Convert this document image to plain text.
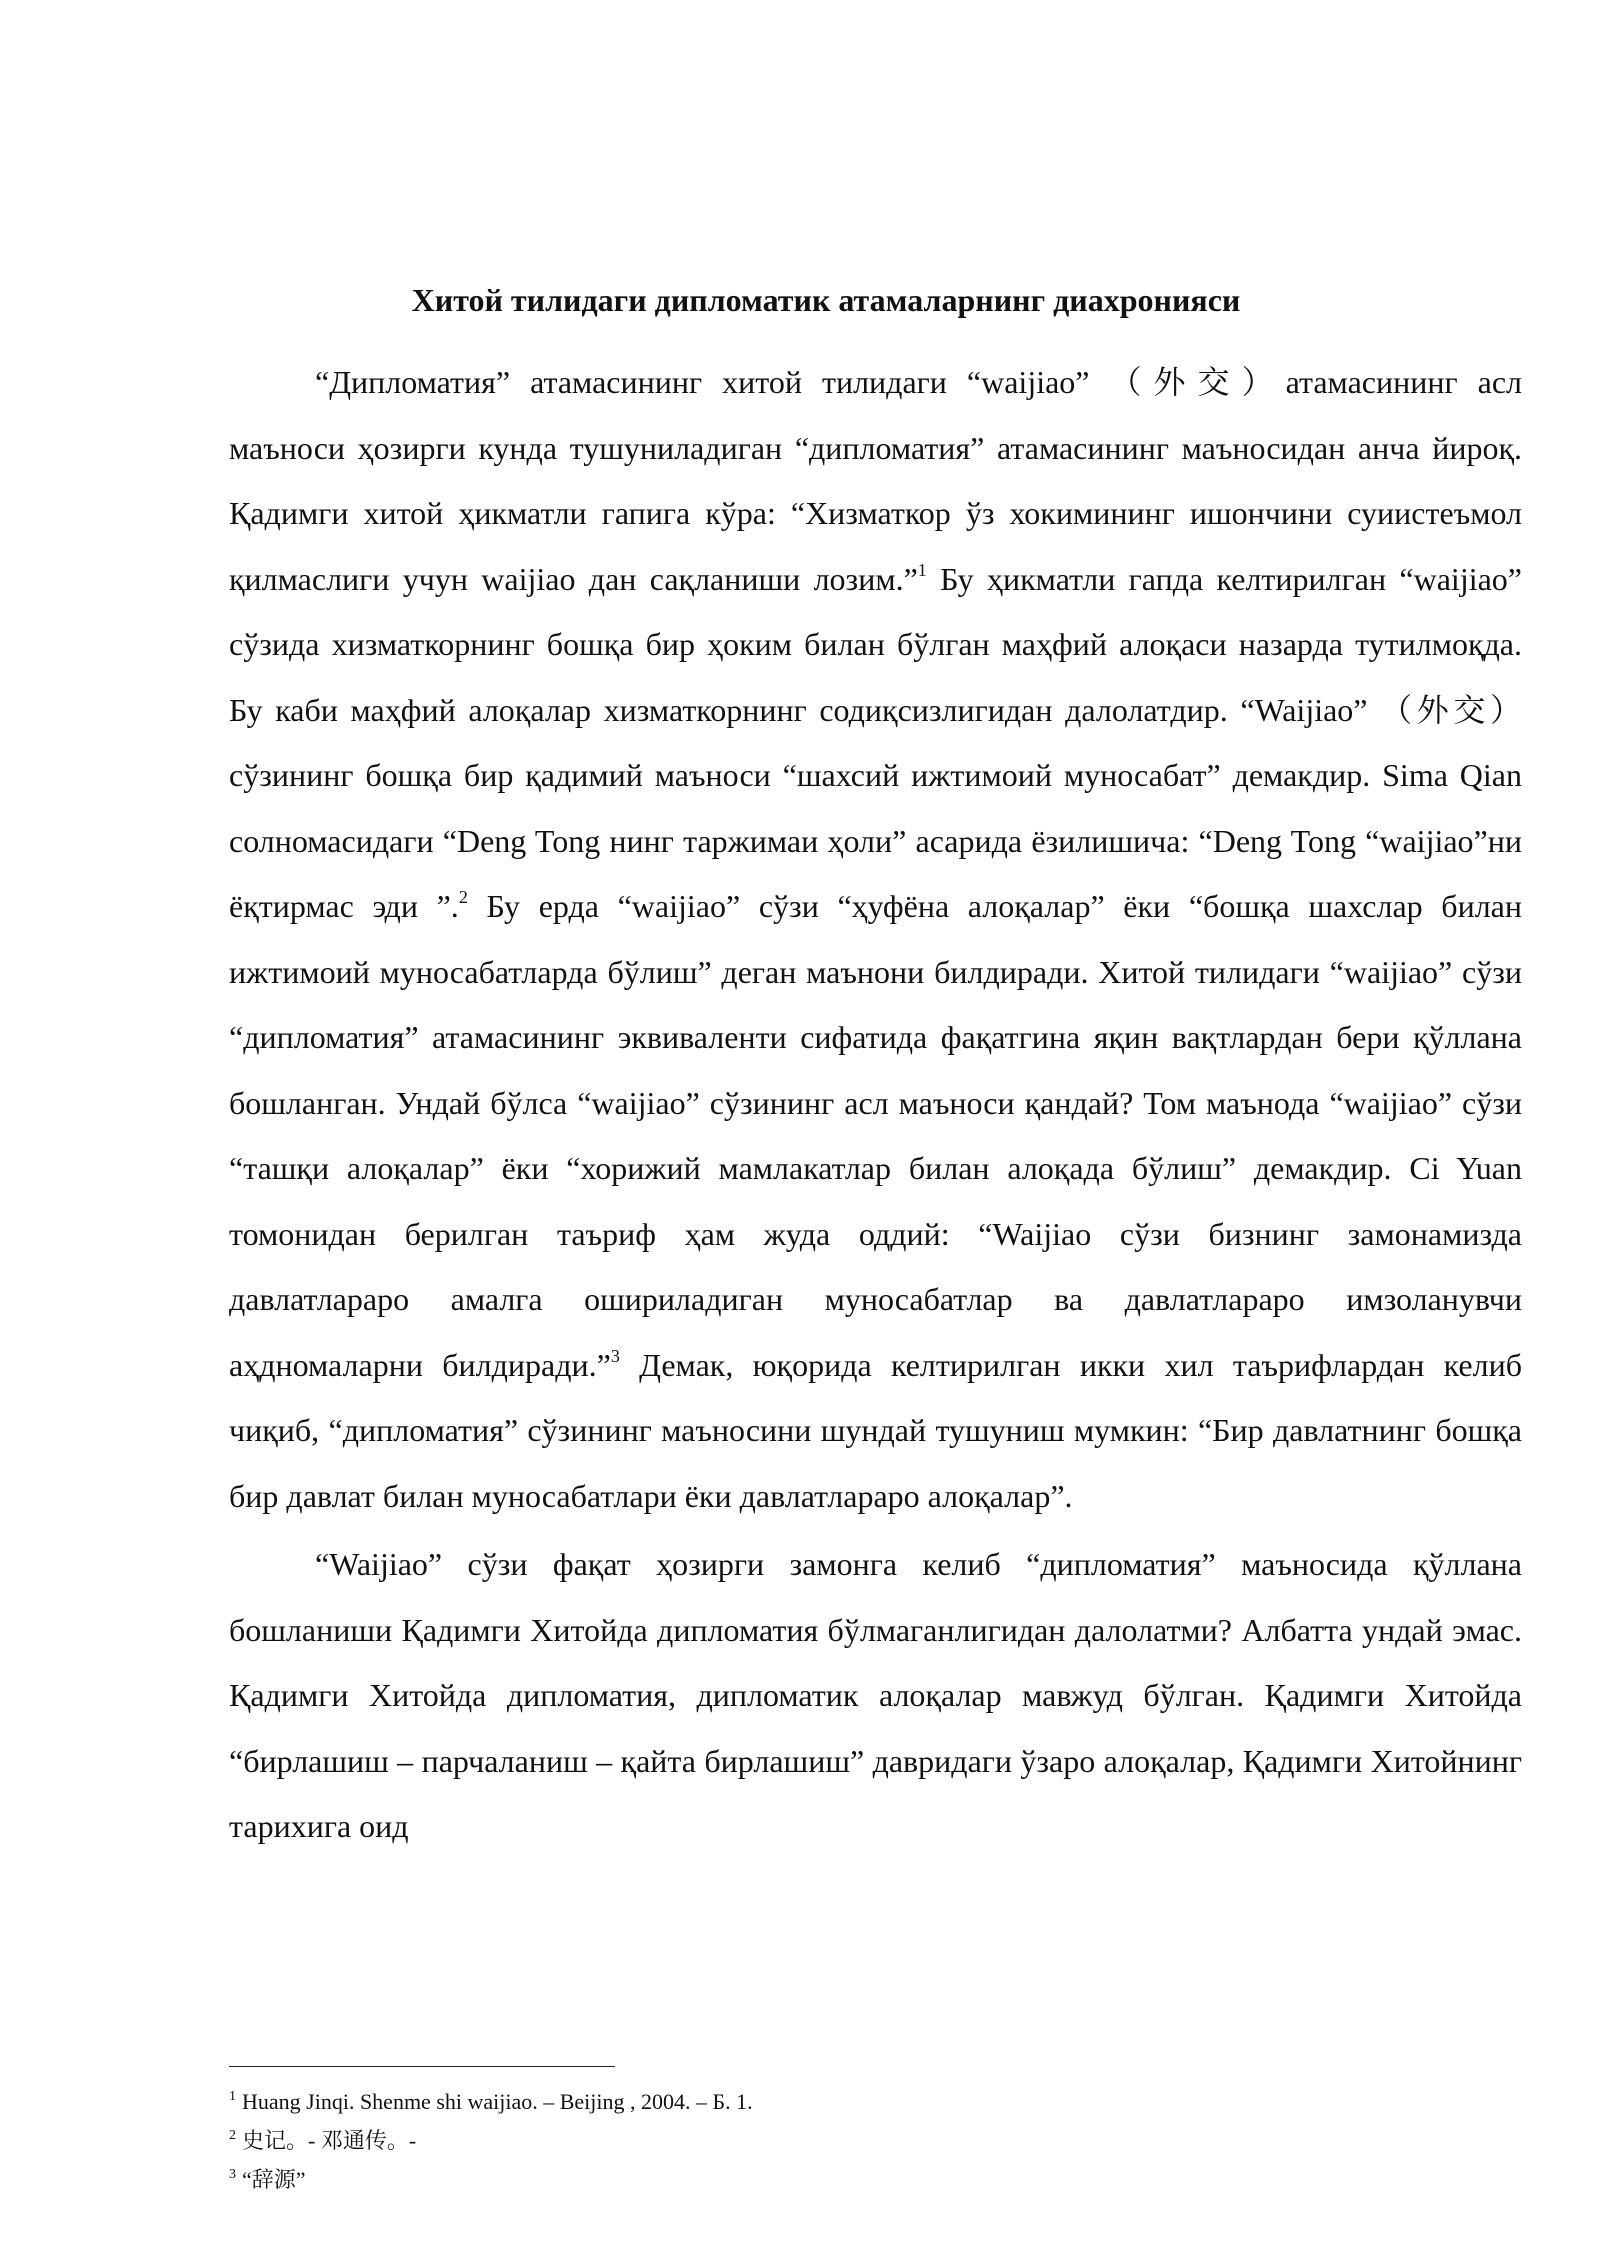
Хитой тилидаги дипломатик атамаларнинг диахронияси

“Дипломатия” атамасининг хитой тилидаги “waijiao” （外交）атамасининг асл маъноси ҳозирги кунда тушуниладиган “дипломатия” атамасининг маъносидан анча йироқ. Қадимги хитой ҳикматли гапига кўра: “Хизматкор ўз хокимининг ишончини суиистеъмол қилмаслиги учун waijiao дан сақланиши лозим.”$^1$ Бу ҳикматли гапда келтирилган “waijiao” сўзида хизматкорнинг бошқа бир ҳоким билан бўлган маҳфий алоқаси назарда тутилмоқда. Бу каби маҳфий алоқалар хизматкорнинг содиқсизлигидан далолатдир. “Waijiao” （外交） сўзининг бошқа бир қадимий маъноси “шахсий ижтимоий муносабат” демакдир. Sima Qian солномасидаги “Deng Tong нинг таржимаи ҳоли” асарида ёзилишича: “Deng Tong “waijiao”ни ёқтирмас эди ”.$^2$ Бу ерда “waijiao” сўзи “ҳуфёна алоқалар” ёки “бошқа шахслар билан ижтимоий муносабатларда бўлиш” деган маънони билдиради. Хитой тилидаги “waijiao” сўзи “дипломатия” атамасининг эквиваленти сифатида фақатгина яқин вақтлардан бери қўллана бошланган. Ундай бўлса “waijiao” сўзининг асл маъноси қандай? Том маънода “waijiao” сўзи “ташқи алоқалар” ёки “хорижий мамлакатлар билан алоқада бўлиш” демакдир. Ci Yuan томонидан берилган таъриф ҳам жуда оддий: “Waijiao сўзи бизнинг замонамизда давлатлараро амалга ошириладиган муносабатлар ва давлатлараро имзоланувчи аҳдномаларни билдиради.”$^3$ Демак, юқорида келтирилган икки хил таърифлардан келиб чиқиб, “дипломатия” сўзининг маъносини шундай тушуниш мумкин: “Бир давлатнинг бошқа бир давлат билан муносабатлари ёки давлатлараро алоқалар”.

“Waijiao” сўзи фақат ҳозирги замонга келиб “дипломатия” маъносида қўллана бошланиши Қадимги Хитойда дипломатия бўлмаганлигидан далолатми? Албатта ундай эмас. Қадимги Хитойда дипломатия, дипломатик алоқалар мавжуд бўлган. Қадимги Хитойда “бирлашиш – парчаланиш – қайта бирлашиш” давридаги ўзаро алоқалар, Қадимги Хитойнинг тарихига оид

$^1$ Huang Jinqi. Shenme shi waijiao. – Beijing , 2004. – Б. 1.
$^2$ 史记。- 邓通传。-
$^3$ “辞源”
